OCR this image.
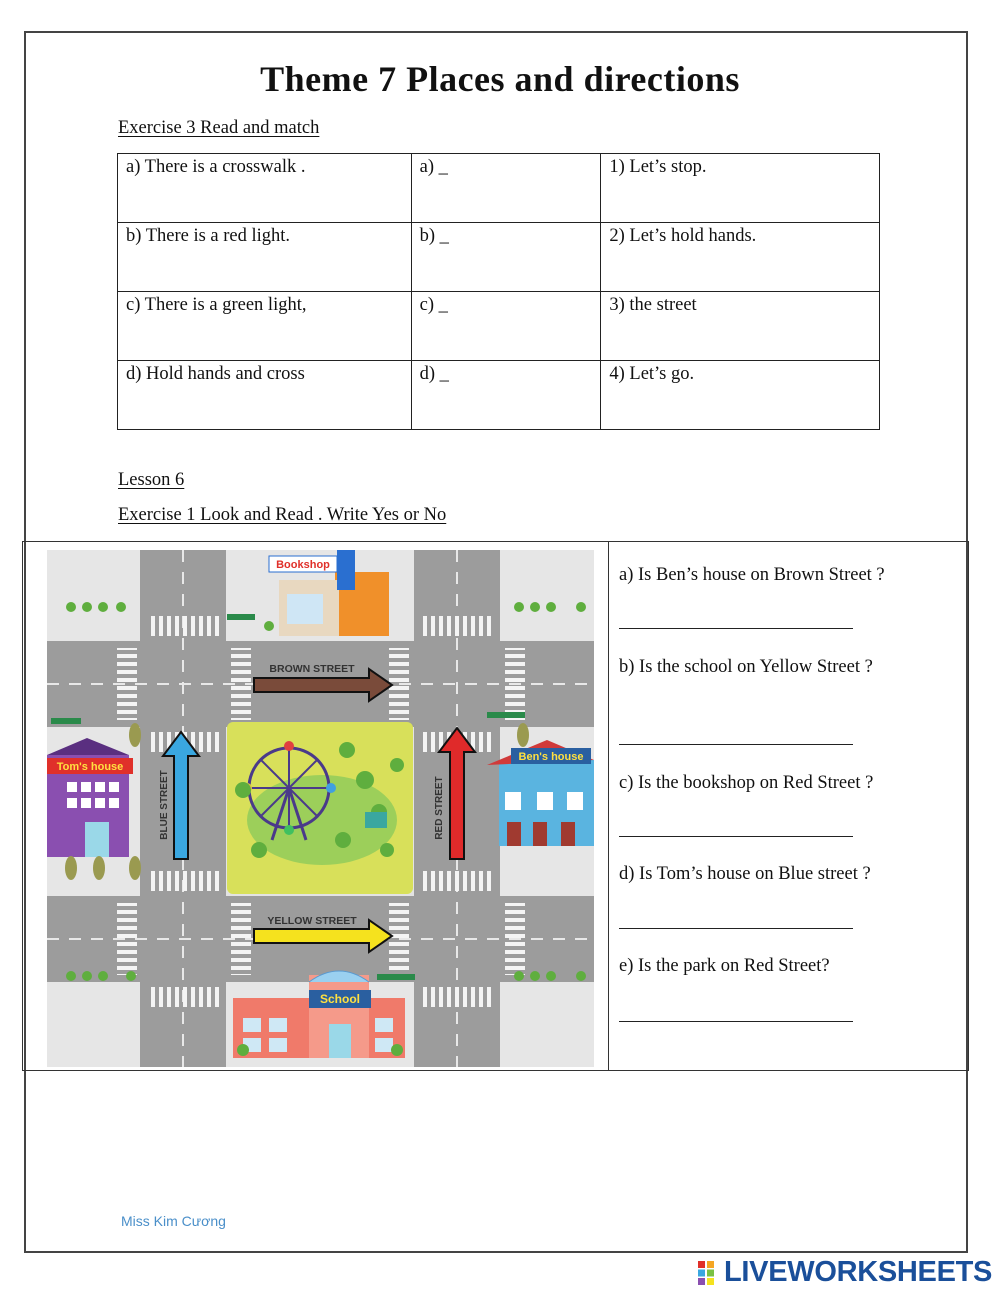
Theme 7 Places and directions
Exercise 3 Read and match
a) There is a crosswalk .	a) _	1) Let’s stop.
b) There is a red light.	b) _	2) Let’s hold hands.
c) There is a green light,	c) _	3) the street
d) Hold hands and cross	d) _	4) Let’s go.
Lesson 6
Exercise 1 Look and Read . Write Yes or No
BROWN STREET
YELLOW STREET
BLUE STREET	RED STREET
Bookshop
Tom's house
Ben's house
School
a) Is Ben’s house on Brown Street ?
b) Is the school on Yellow Street ?
c) Is the bookshop on Red Street ?
d) Is Tom’s house on Blue street ?
e) Is the park on Red Street?
Miss Kim Cương
LIVEWORKSHEETS
